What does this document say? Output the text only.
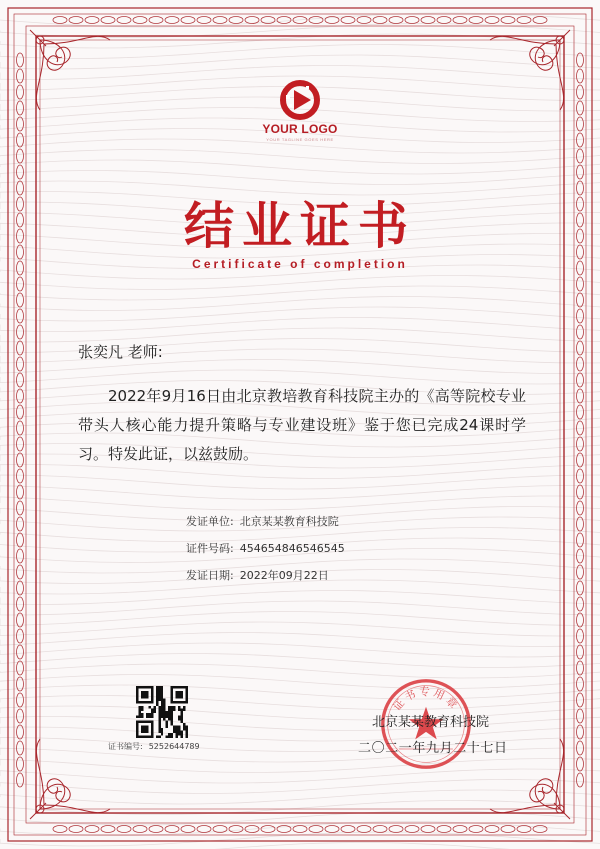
YOUR LOGO
YOUR TAGLINE GOES HERE
结业证书
Certificate of completion
张奕凡 老师:
2022年9月16日由北京教培教育科技院主办的《高等院校专业带头人核心能力提升策略与专业建设班》鉴于您已完成24课时学习。特发此证，以兹鼓励。
发证单位: 北京某某教育科技院
证件号码: 454654846546545
发证日期: 2022年09月22日
证书编号: 5252644789
证书专用章
北京某某教育科技院
二〇二一年九月二十七日
